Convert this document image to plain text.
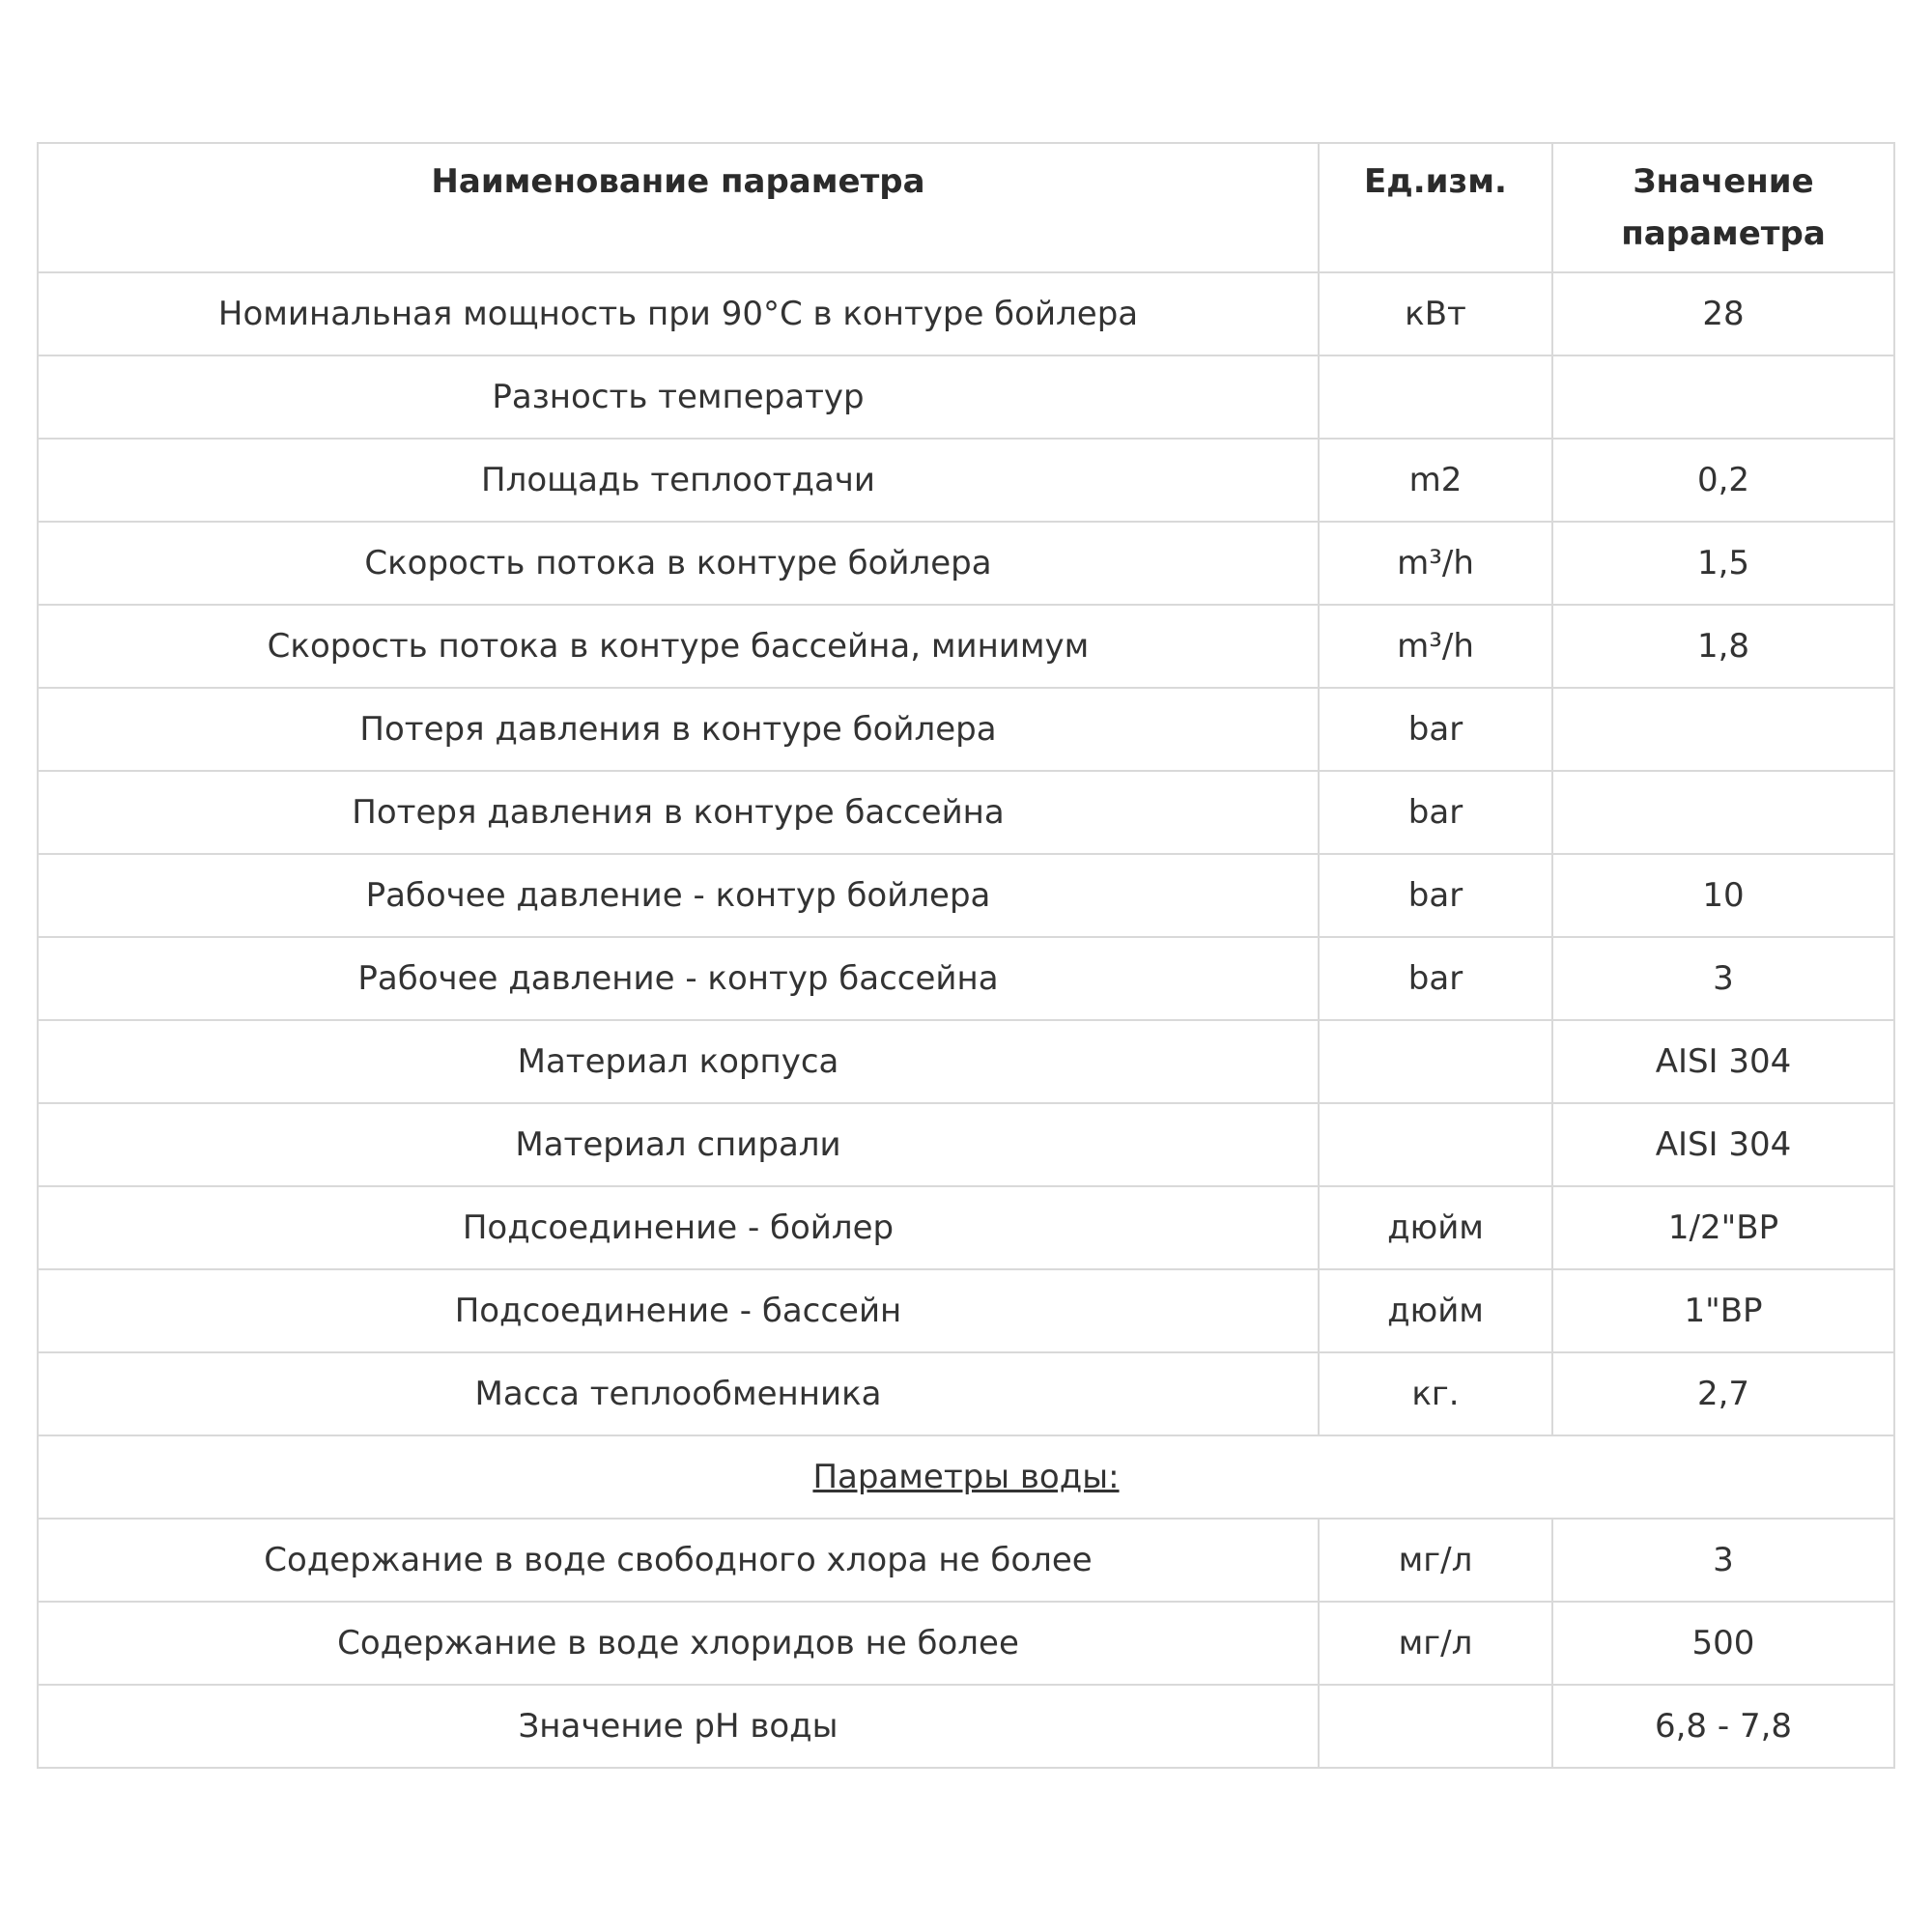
Наименование параметра	Ед.изм.	Значение
параметра
Номинальная мощность при 90°C в контуре бойлера	кВт	28
Разность температур		
Площадь теплоотдачи	m2	0,2
Скорость потока в контуре бойлера	m³/h	1,5
Скорость потока в контуре бассейна, минимум	m³/h	1,8
Потеря давления в контуре бойлера	bar	
Потеря давления в контуре бассейна	bar	
Рабочее давление - контур бойлера	bar	10
Рабочее давление - контур бассейна	bar	3
Материал корпуса		AISI 304
Материал спирали		AISI 304
Подсоединение - бойлер	дюйм	1/2"ВР
Подсоединение - бассейн	дюйм	1"ВР
Масса теплообменника	кг.	2,7
Параметры воды:		
Содержание в воде свободного хлора не более	мг/л	3
Содержание в воде хлоридов не более	мг/л	500
Значение pH воды		6,8 - 7,8
